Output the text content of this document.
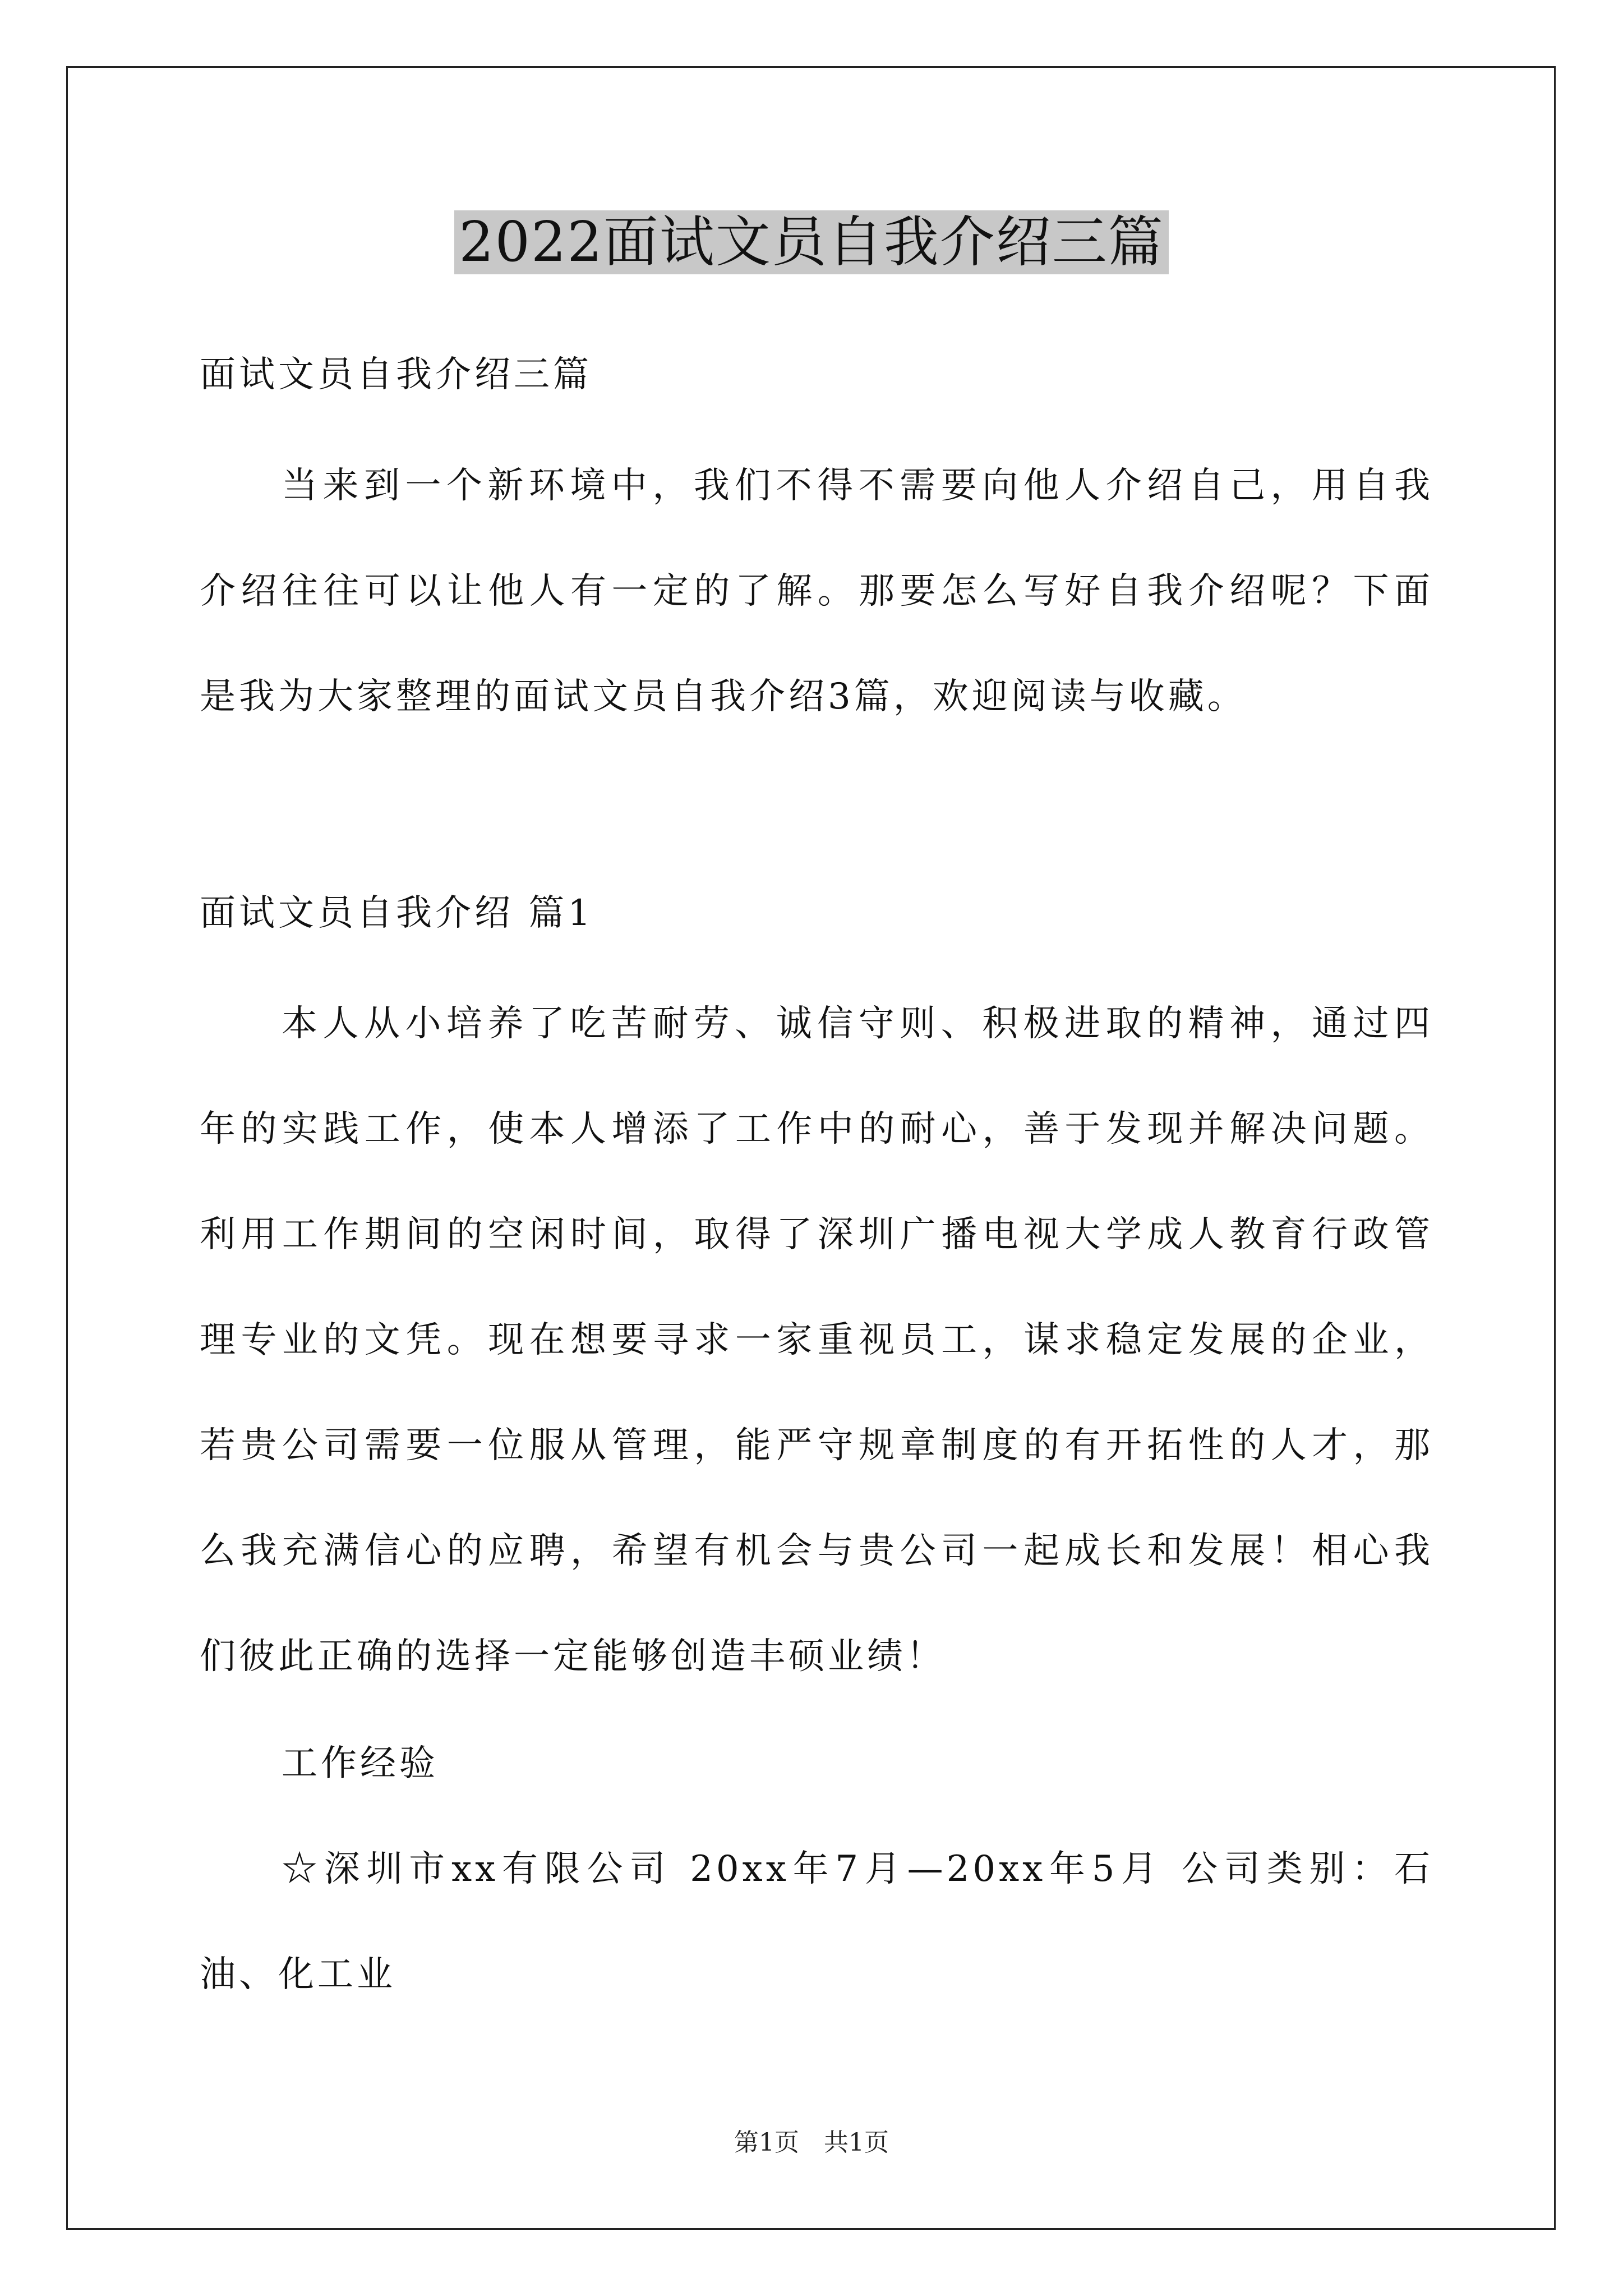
2022面试文员自我介绍三篇
面试文员自我介绍三篇
当来到一个新环境中，我们不得不需要向他人介绍自己，用自我
介绍往往可以让他人有一定的了解。那要怎么写好自我介绍呢？下面
是我为大家整理的面试文员自我介绍3篇，欢迎阅读与收藏。
面试文员自我介绍 篇1
本人从小培养了吃苦耐劳、诚信守则、积极进取的精神，通过四
年的实践工作，使本人增添了工作中的耐心，善于发现并解决问题。
利用工作期间的空闲时间，取得了深圳广播电视大学成人教育行政管
理专业的文凭。现在想要寻求一家重视员工，谋求稳定发展的企业，
若贵公司需要一位服从管理，能严守规章制度的有开拓性的人才，那
么我充满信心的应聘，希望有机会与贵公司一起成长和发展！相心我
们彼此正确的选择一定能够创造丰硕业绩！
工作经验
☆深圳市xx有限公司 20xx年7月—20xx年5月 公司类别：石
油、化工业
第1页　共1页
